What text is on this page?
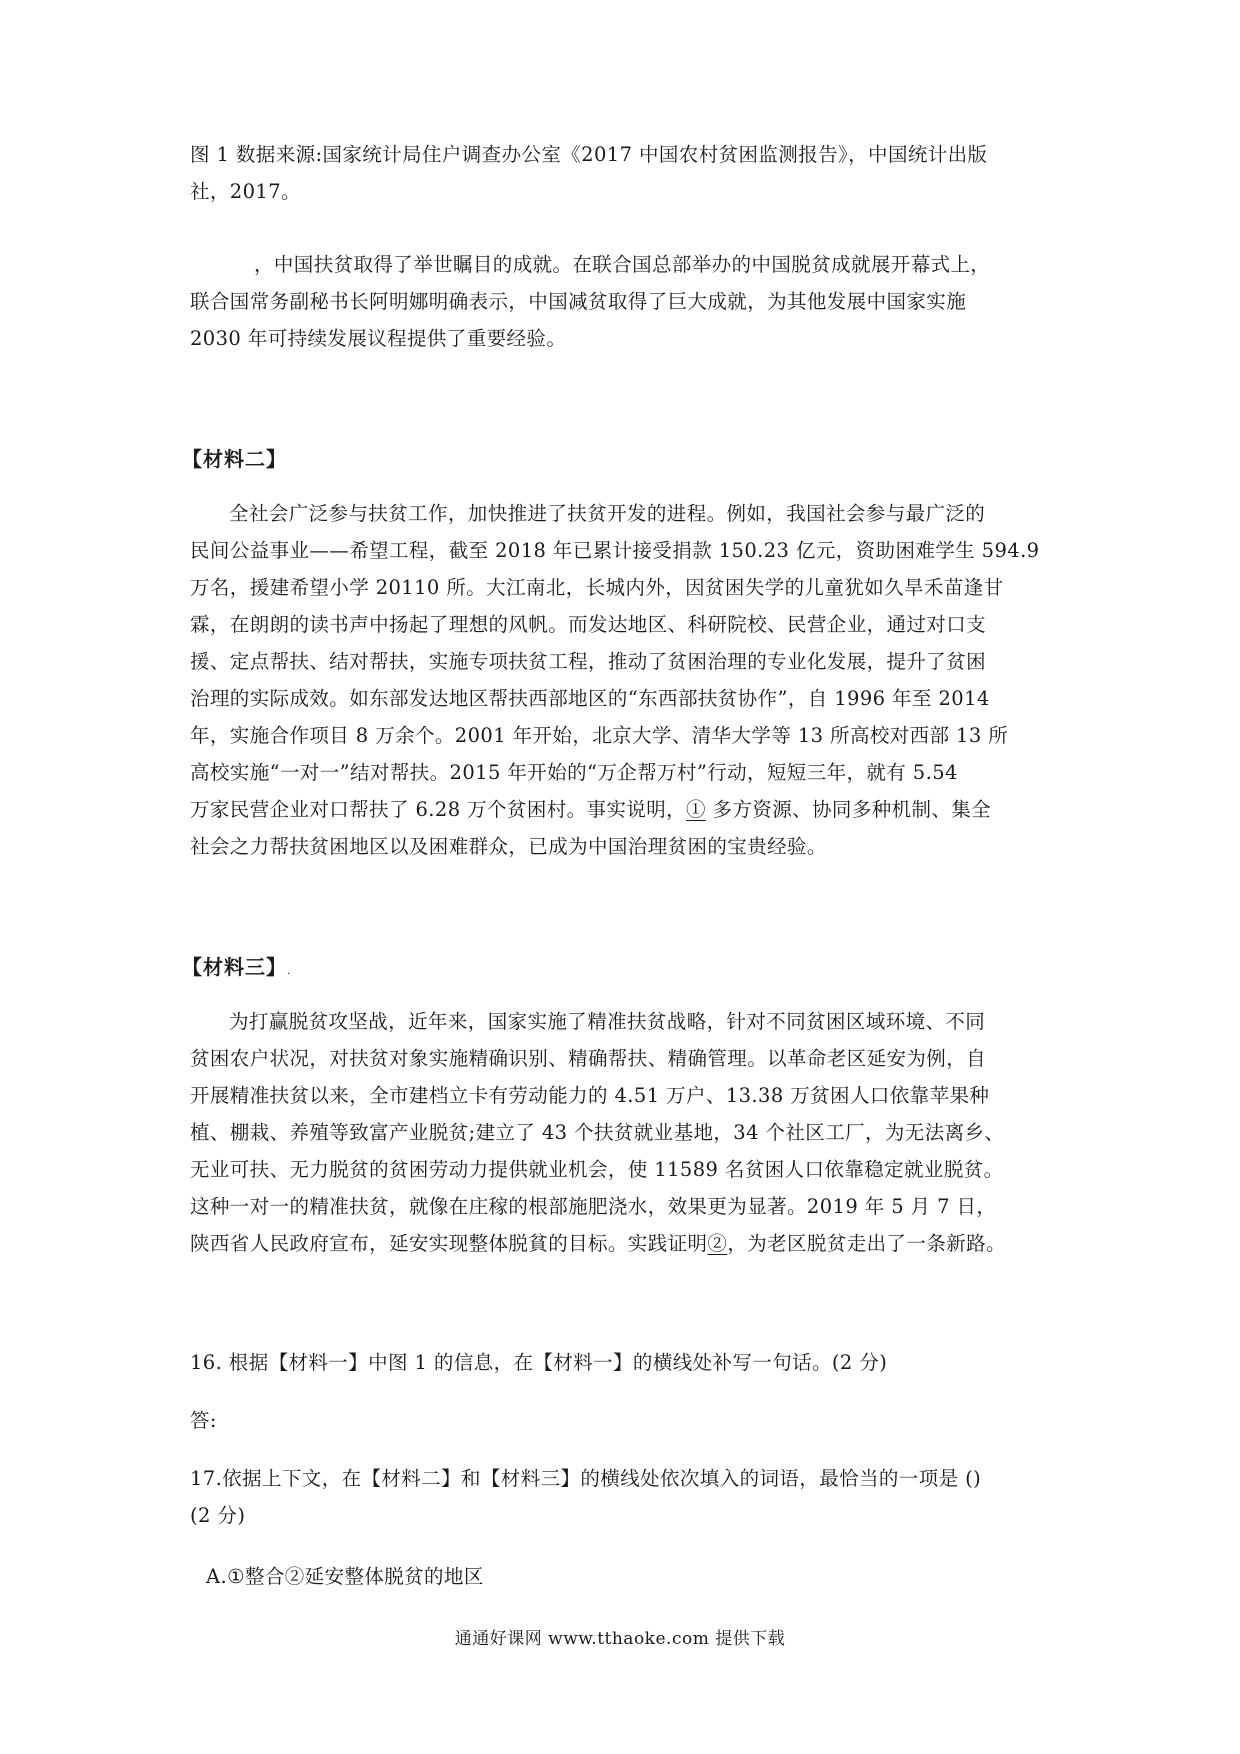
图 1 数据来源:国家统计局住户调查办公室《2017 中国农村贫困监测报告》，中国统计出版

社，2017。

，中国扶贫取得了举世瞩目的成就。在联合国总部举办的中国脱贫成就展开幕式上，

联合国常务副秘书长阿明娜明确表示，中国减贫取得了巨大成就，为其他发展中国家实施

2030 年可持续发展议程提供了重要经验。

【材料二】

全社会广泛参与扶贫工作，加快推进了扶贫开发的进程。例如，我国社会参与最广泛的

民间公益事业——希望工程，截至 2018 年已累计接受捐款 150.23 亿元，资助困难学生 594.9

万名，援建希望小学 20110 所。大江南北，长城内外，因贫困失学的儿童犹如久旱禾苗逢甘

霖，在朗朗的读书声中扬起了理想的风帆。而发达地区、科研院校、民营企业，通过对口支

援、定点帮扶、结对帮扶，实施专项扶贫工程，推动了贫困治理的专业化发展，提升了贫困

治理的实际成效。如东部发达地区帮扶西部地区的“东西部扶贫协作”，自 1996 年至 2014

年，实施合作项目 8 万余个。2001 年开始，北京大学、清华大学等 13 所高校对西部 13 所

高校实施“一对一”结对帮扶。2015 年开始的“万企帮万村”行动，短短三年，就有 5.54

万家民营企业对口帮扶了 6.28 万个贫困村。事实说明，① 多方资源、协同多种机制、集全

社会之力帮扶贫困地区以及困难群众，已成为中国治理贫困的宝贵经验。

【材料三】.

为打赢脱贫攻坚战，近年来，国家实施了精准扶贫战略，针对不同贫困区域环境、不同

贫困农户状况，对扶贫对象实施精确识别、精确帮扶、精确管理。以革命老区延安为例，自

开展精准扶贫以来，全市建档立卡有劳动能力的 4.51 万户、13.38 万贫困人口依靠苹果种

植、棚栽、养殖等致富产业脱贫;建立了 43 个扶贫就业基地，34 个社区工厂，为无法离乡、

无业可扶、无力脱贫的贫困劳动力提供就业机会，使 11589 名贫困人口依靠稳定就业脱贫。

这种一对一的精准扶贫，就像在庄稼的根部施肥浇水，效果更为显著。2019 年 5 月 7 日，

陕西省人民政府宣布，延安实现整体脱貧的目标。实践证明②，为老区脱贫走出了一条新路。

16. 根据【材料一】中图 1 的信息，在【材料一】的横线处补写一句话。(2 分)
答:
17.依据上下文，在【材料二】和【材料三】的横线处依次填入的词语，最恰当的一项是 ()
(2 分)
A.①整合②延安整体脱贫的地区
通通好课网 www.tthaoke.com 提供下载
